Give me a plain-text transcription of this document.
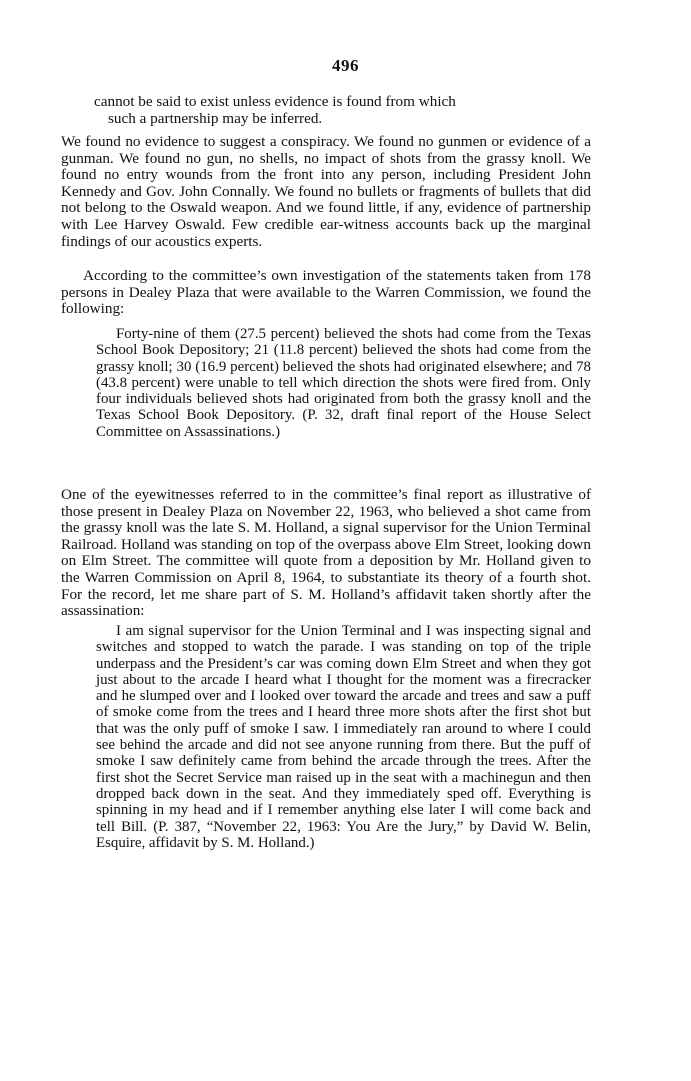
496
cannot be said to exist unless evidence is found from which
such a partnership may be inferred.

We found no evidence to suggest a conspiracy. We found no gunmen or evidence of a gunman. We found no gun, no shells, no impact of shots from the grassy knoll. We found no entry wounds from the front into any person, including President John Kennedy and Gov. John Connally. We found no bullets or fragments of bullets that did not belong to the Oswald weapon. And we found little, if any, evidence of partnership with Lee Harvey Oswald. Few credible ear-witness accounts back up the marginal findings of our acoustics experts.

According to the committee’s own investigation of the statements taken from 178 persons in Dealey Plaza that were available to the Warren Commission, we found the following:

Forty-nine of them (27.5 percent) believed the shots had come from the Texas School Book Depository; 21 (11.8 percent) believed the shots had come from the grassy knoll; 30 (16.9 percent) believed the shots had originated elsewhere; and 78 (43.8 percent) were unable to tell which direction the shots were fired from. Only four individuals believed shots had originated from both the grassy knoll and the Texas School Book Depository. (P. 32, draft final report of the House Select Committee on Assassinations.)

One of the eyewitnesses referred to in the committee’s final report as illustrative of those present in Dealey Plaza on November 22, 1963, who believed a shot came from the grassy knoll was the late S. M. Holland, a signal supervisor for the Union Terminal Railroad. Holland was standing on top of the overpass above Elm Street, looking down on Elm Street. The committee will quote from a deposition by Mr. Holland given to the Warren Commission on April 8, 1964, to substantiate its theory of a fourth shot. For the record, let me share part of S. M. Holland’s affidavit taken shortly after the assassination:

I am signal supervisor for the Union Terminal and I was inspecting signal and switches and stopped to watch the parade. I was standing on top of the triple underpass and the President’s car was coming down Elm Street and when they got just about to the arcade I heard what I thought for the moment was a firecracker and he slumped over and I looked over toward the arcade and trees and saw a puff of smoke come from the trees and I heard three more shots after the first shot but that was the only puff of smoke I saw. I immediately ran around to where I could see behind the arcade and did not see anyone running from there. But the puff of smoke I saw definitely came from behind the arcade through the trees. After the first shot the Secret Service man raised up in the seat with a machinegun and then dropped back down in the seat. And they immediately sped off. Everything is spinning in my head and if I remember anything else later I will come back and tell Bill. (P. 387, “November 22, 1963: You Are the Jury,” by David W. Belin, Esquire, affidavit by S. M. Holland.)
